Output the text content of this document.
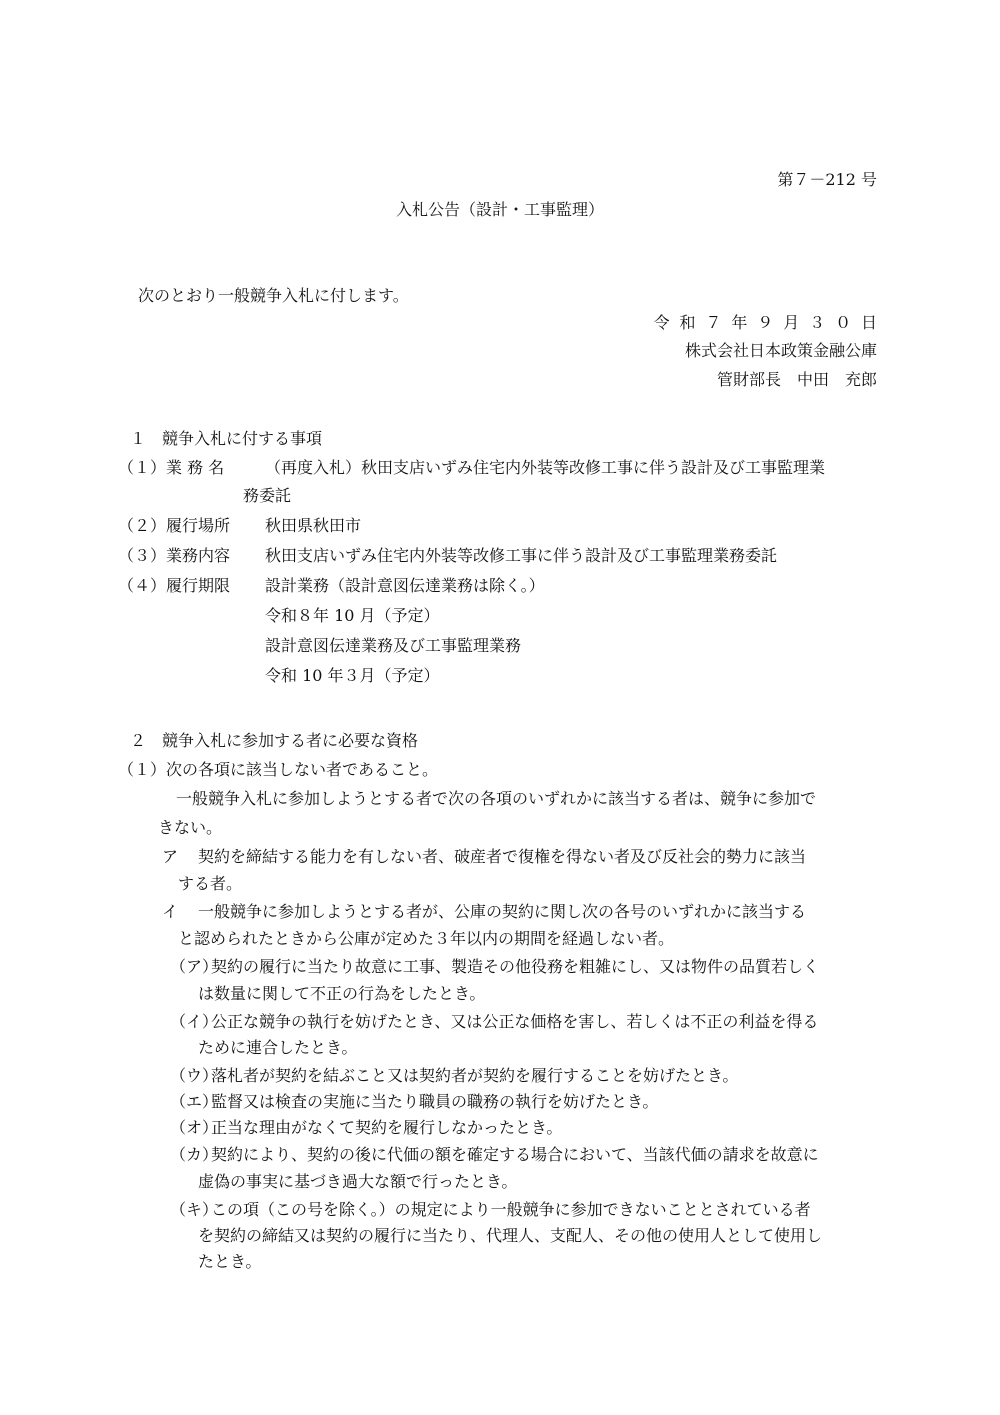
第７－212 号
入札公告（設計・工事監理）
次のとおり一般競争入札に付します。
令和７年９月３０日
株式会社日本政策金融公庫
管財部長　中田　充郎
１　競争入札に付する事項
（１）業 務 名	（再度入札）秋田支店いずみ住宅内外装等改修工事に伴う設計及び工事監理業
務委託
（２）履行場所 秋田県秋田市
（３）業務内容 秋田支店いずみ住宅内外装等改修工事に伴う設計及び工事監理業務委託
（４）履行期限 設計業務（設計意図伝達業務は除く。）
令和８年 10 月（予定）
設計意図伝達業務及び工事監理業務
令和 10 年３月（予定）
２　競争入札に参加する者に必要な資格
（１）次の各項に該当しない者であること。
一般競争入札に参加しようとする者で次の各項のいずれかに該当する者は、競争に参加で
きない。
ア 契約を締結する能力を有しない者、破産者で復権を得ない者及び反社会的勢力に該当
する者。
イ 一般競争に参加しようとする者が、公庫の契約に関し次の各号のいずれかに該当する
と認められたときから公庫が定めた３年以内の期間を経過しない者。
（ア）
契約の履行に当たり故意に工事、製造その他役務を粗雑にし、又は物件の品質若しく
は数量に関して不正の行為をしたとき。
（イ）
公正な競争の執行を妨げたとき、又は公正な価格を害し、若しくは不正の利益を得る
ために連合したとき。
（ウ）
落札者が契約を結ぶこと又は契約者が契約を履行することを妨げたとき。
（エ）
監督又は検査の実施に当たり職員の職務の執行を妨げたとき。
（オ）
正当な理由がなくて契約を履行しなかったとき。
（カ）
契約により、契約の後に代価の額を確定する場合において、当該代価の請求を故意に
虚偽の事実に基づき過大な額で行ったとき。
（キ）
この項（この号を除く。）の規定により一般競争に参加できないこととされている者
を契約の締結又は契約の履行に当たり、代理人、支配人、その他の使用人として使用し
たとき。
